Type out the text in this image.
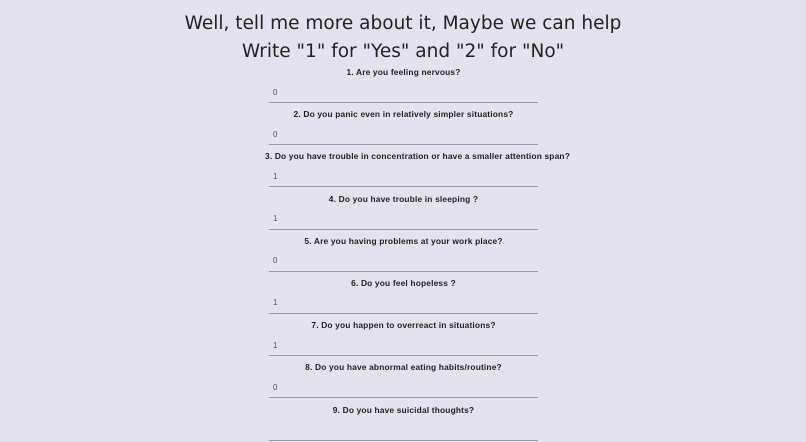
Well, tell me more about it, Maybe we can help
Write "1" for "Yes" and "2" for "No"
1. Are you feeling nervous?
0
2. Do you panic even in relatively simpler situations?
0
3. Do you have trouble in concentration or have a smaller attention span?
1
4. Do you have trouble in sleeping ?
1
5. Are you having problems at your work place?
0
6. Do you feel hopeless ?
1
7. Do you happen to overreact in situations?
1
8. Do you have abnormal eating habits/routine?
0
9. Do you have suicidal thoughts?
